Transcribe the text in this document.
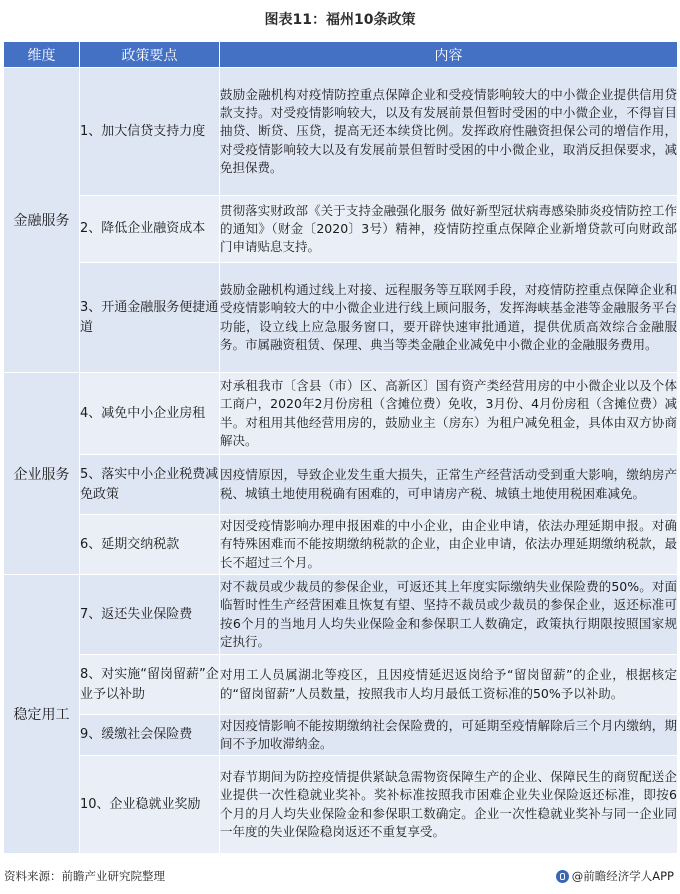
图表11：福州10条政策
维度	政策要点	内容
金融服务	1、加大信贷支持力度	鼓励金融机构对疫情防控重点保障企业和受疫情影响较大的中小微企业提供信用贷款支持。对受疫情影响较大，以及有发展前景但暂时受困的中小微企业，不得盲目抽贷、断贷、压贷，提高无还本续贷比例。发挥政府性融资担保公司的增信作用，对受疫情影响较大以及有发展前景但暂时受困的中小微企业，取消反担保要求，减免担保费。
	2、降低企业融资成本	贯彻落实财政部《关于支持金融强化服务 做好新型冠状病毒感染肺炎疫情防控工作的通知》（财金〔2020〕3号）精神，疫情防控重点保障企业新增贷款可向财政部门申请贴息支持。
	3、开通金融服务便捷通道	鼓励金融机构通过线上对接、远程服务等互联网手段，对疫情防控重点保障企业和受疫情影响较大的中小微企业进行线上顾问服务，发挥海峡基金港等金融服务平台功能，设立线上应急服务窗口，要开辟快速审批通道，提供优质高效综合金融服务。市属融资租赁、保理、典当等类金融企业减免中小微企业的金融服务费用。
企业服务	4、减免中小企业房租	对承租我市〔含县（市）区、高新区〕国有资产类经营用房的中小微企业以及个体工商户，2020年2月份房租（含摊位费）免收，3月份、4月份房租（含摊位费）减半。对租用其他经营用房的，鼓励业主（房东）为租户减免租金，具体由双方协商解决。
	5、落实中小企业税费减免政策	因疫情原因，导致企业发生重大损失，正常生产经营活动受到重大影响，缴纳房产税、城镇土地使用税确有困难的，可申请房产税、城镇土地使用税困难减免。
	6、延期交纳税款	对因受疫情影响办理申报困难的中小企业，由企业申请，依法办理延期申报。对确有特殊困难而不能按期缴纳税款的企业，由企业申请，依法办理延期缴纳税款，最长不超过三个月。
稳定用工	7、返还失业保险费	对不裁员或少裁员的参保企业，可返还其上年度实际缴纳失业保险费的50%。对面临暂时性生产经营困难且恢复有望、坚持不裁员或少裁员的参保企业，返还标准可按6个月的当地月人均失业保险金和参保职工人数确定，政策执行期限按照国家规定执行。
	8、对实施“留岗留薪”企业予以补助	对用工人员属湖北等疫区，且因疫情延迟返岗给予“留岗留薪”的企业，根据核定的“留岗留薪”人员数量，按照我市人均月最低工资标准的50%予以补助。
	9、缓缴社会保险费	对因疫情影响不能按期缴纳社会保险费的，可延期至疫情解除后三个月内缴纳，期间不予加收滞纳金。
	10、企业稳就业奖励	对春节期间为防控疫情提供紧缺急需物资保障生产的企业、保障民生的商贸配送企业提供一次性稳就业奖补。奖补标准按照我市困难企业失业保险返还标准，即按6个月的月人均失业保险金和参保职工数确定。企业一次性稳就业奖补与同一企业同一年度的失业保险稳岗返还不重复享受。
资料来源：前瞻产业研究院整理	@前瞻经济学人APP
